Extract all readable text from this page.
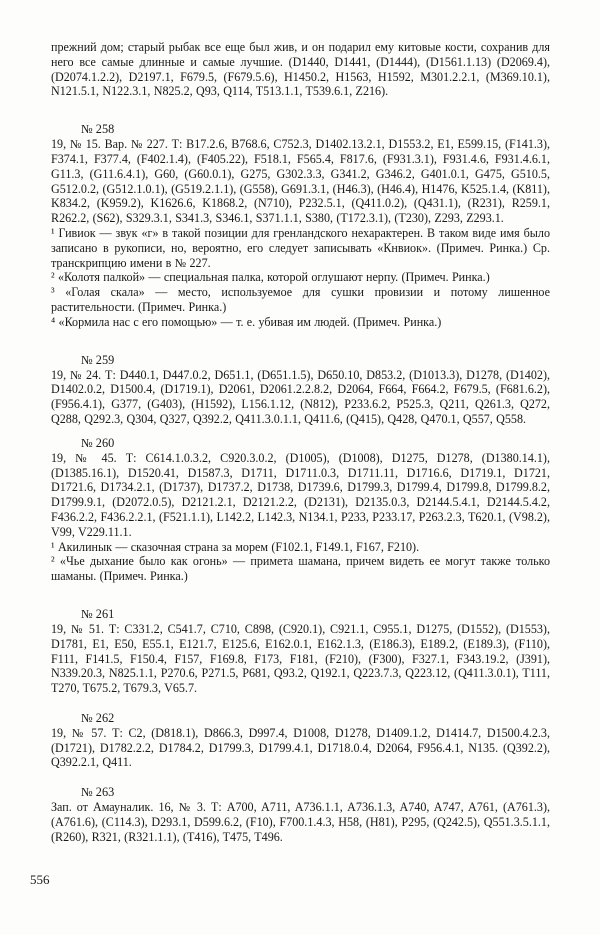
прежний дом; старый рыбак все еще был жив, и он подарил ему китовые кости, сохранив для него все самые длинные и самые лучшие. (D1440, D1441, (D1444), (D1561.1.13) (D2069.4), (D2074.1.2.2), D2197.1, F679.5, (F679.5.6), H1450.2, H1563, H1592, M301.2.2.1, (M369.10.1), N121.5.1, N122.3.1, N825.2, Q93, Q114, T513.1.1, T539.6.1, Z216).

№ 258

19, № 15. Вар. № 227. Т: B17.2.6, B768.6, C752.3, D1402.13.2.1, D1553.2, E1, E599.15, (F141.3), F374.1, F377.4, (F402.1.4), (F405.22), F518.1, F565.4, F817.6, (F931.3.1), F931.4.6, F931.4.6.1, G11.3, (G11.6.4.1), G60, (G60.0.1), G275, G302.3.3, G341.2, G346.2, G401.0.1, G475, G510.5, G512.0.2, (G512.1.0.1), (G519.2.1.1), (G558), G691.3.1, (H46.3), (H46.4), H1476, K525.1.4, (K811), K834.2, (K959.2), K1626.6, K1868.2, (N710), P232.5.1, (Q411.0.2), (Q431.1), (R231), R259.1, R262.2, (S62), S329.3.1, S341.3, S346.1, S371.1.1, S380, (T172.3.1), (T230), Z293, Z293.1.

¹ Гивиок — звук «г» в такой позиции для гренландского нехарактерен. В таком виде имя было записано в рукописи, но, вероятно, его следует записывать «Кнвиок». (Примеч. Ринка.) Ср. транскрипцию имени в № 227.

² «Колотя палкой» — специальная палка, которой оглушают нерпу. (Примеч. Ринка.)

³ «Голая скала» — место, используемое для сушки провизии и потому лишенное растительности. (Примеч. Ринка.)

⁴ «Кормила нас с его помощью» — т. е. убивая им людей. (Примеч. Ринка.)

№ 259

19, № 24. Т: D440.1, D447.0.2, D651.1, (D651.1.5), D650.10, D853.2, (D1013.3), D1278, (D1402), D1402.0.2, D1500.4, (D1719.1), D2061, D2061.2.2.8.2, D2064, F664, F664.2, F679.5, (F681.6.2), (F956.4.1), G377, (G403), (H1592), L156.1.12, (N812), P233.6.2, P525.3, Q211, Q261.3, Q272, Q288, Q292.3, Q304, Q327, Q392.2, Q411.3.0.1.1, Q411.6, (Q415), Q428, Q470.1, Q557, Q558.

№ 260

19, № 45. Т: C614.1.0.3.2, C920.3.0.2, (D1005), (D1008), D1275, D1278, (D1380.14.1), (D1385.16.1), D1520.41, D1587.3, D1711, D1711.0.3, D1711.11, D1716.6, D1719.1, D1721, D1721.6, D1734.2.1, (D1737), D1737.2, D1738, D1739.6, D1799.3, D1799.4, D1799.8, D1799.8.2, D1799.9.1, (D2072.0.5), D2121.2.1, D2121.2.2, (D2131), D2135.0.3, D2144.5.4.1, D2144.5.4.2, F436.2.2, F436.2.2.1, (F521.1.1), L142.2, L142.3, N134.1, P233, P233.17, P263.2.3, T620.1, (V98.2), V99, V229.11.1.

¹ Акилинык — сказочная страна за морем (F102.1, F149.1, F167, F210).

² «Чье дыхание было как огонь» — примета шамана, причем видеть ее могут также только шаманы. (Примеч. Ринка.)

№ 261

19, № 51. Т: C331.2, C541.7, C710, C898, (C920.1), C921.1, C955.1, D1275, (D1552), (D1553), D1781, E1, E50, E55.1, E121.7, E125.6, E162.0.1, E162.1.3, (E186.3), E189.2, (E189.3), (F110), F111, F141.5, F150.4, F157, F169.8, F173, F181, (F210), (F300), F327.1, F343.19.2, (J391), N339.20.3, N825.1.1, P270.6, P271.5, P681, Q93.2, Q192.1, Q223.7.3, Q223.12, (Q411.3.0.1), T111, T270, T675.2, T679.3, V65.7.

№ 262

19, № 57. Т: C2, (D818.1), D866.3, D997.4, D1008, D1278, D1409.1.2, D1414.7, D1500.4.2.3, (D1721), D1782.2.2, D1784.2, D1799.3, D1799.4.1, D1718.0.4, D2064, F956.4.1, N135. (Q392.2), Q392.2.1, Q411.

№ 263

Зап. от Амауналик. 16, № 3. Т: A700, A711, A736.1.1, A736.1.3, A740, A747, A761, (A761.3), (A761.6), (C114.3), D293.1, D599.6.2, (F10), F700.1.4.3, H58, (H81), P295, (Q242.5), Q551.3.5.1.1, (R260), R321, (R321.1.1), (T416), T475, T496.

556
